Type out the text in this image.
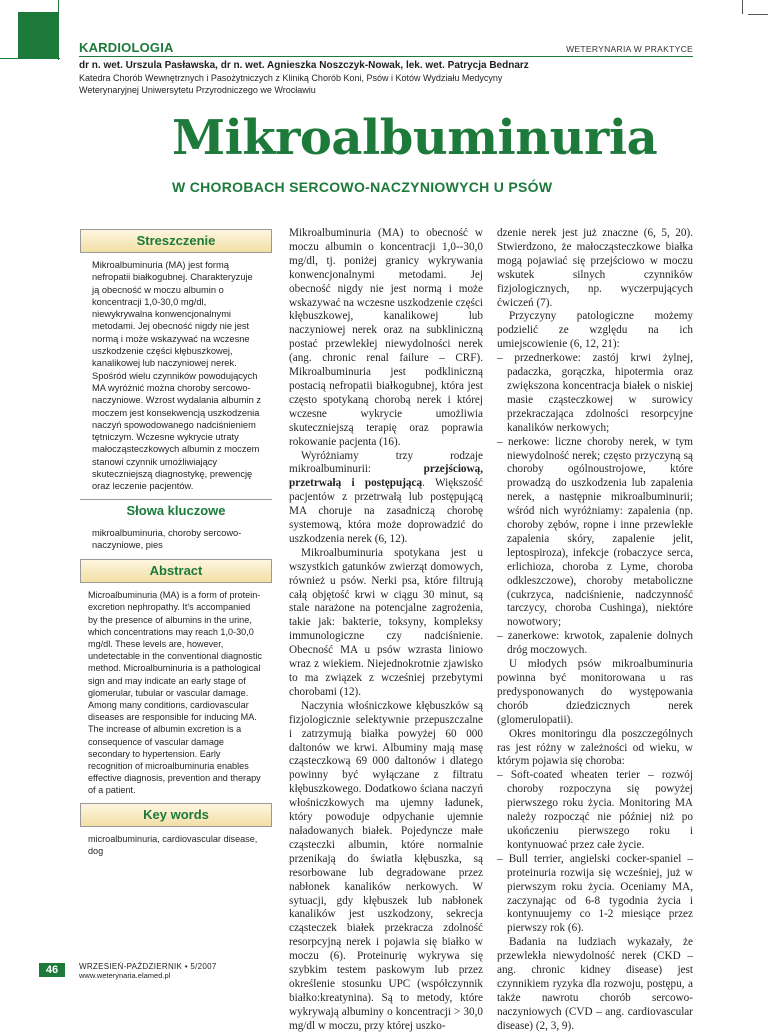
KARDIOLOGIA	WETERYNARIA W PRAKTYCE
dr n. wet. Urszula Pasławska, dr n. wet. Agnieszka Noszczyk-Nowak, lek. wet. Patrycja Bednarz
Katedra Chorób Wewnętrznych i Pasożytniczych z Kliniką Chorób Koni, Psów i Kotów Wydziału Medycyny Weterynaryjnej Uniwersytetu Przyrodniczego we Wrocławiu
Mikroalbuminuria
W CHOROBACH SERCOWO-NACZYNIOWYCH U PSÓW
Streszczenie
Mikroalbuminuria (MA) jest formą nefropatii białkogubnej. Charakteryzuje ją obecność w moczu albumin o koncentracji 1,0-30,0 mg/dl, niewykrywalna konwencjonalnymi metodami. Jej obecność nigdy nie jest normą i może wskazywać na wczesne uszkodzenie części kłębuszkowej, kanalikowej lub naczyniowej nerek. Spośród wielu czynników powodujących MA wyróżnić można choroby sercowo-naczyniowe. Wzrost wydalania albumin z moczem jest konsekwencją uszkodzenia naczyń spowodowanego nadciśnieniem tętniczym. Wczesne wykrycie utraty małocząsteczkowych albumin z moczem stanowi czynnik umożliwiający skuteczniejszą diagnostykę, prewencję oraz leczenie pacjentów.
Słowa kluczowe
mikroalbuminuria, choroby sercowo-naczyniowe, pies
Abstract
Microalbuminuria (MA) is a form of protein-excretion nephropathy. It's accompanied by the presence of albumins in the urine, which concentrations may reach 1,0-30,0 mg/dl. These levels are, however, undetectable in the conventional diagnostic method. Microalbuminuria is a pathological sign and may indicate an early stage of glomerular, tubular or vascular damage. Among many conditions, cardiovascular diseases are responsible for inducing MA. The increase of albumin excretion is a consequence of vascular damage secondary to hypertension. Early recognition of microalbuminuria enables effective diagnosis, prevention and therapy of a patient.
Key words
microalbuminuria, cardiovascular disease, dog

Mikroalbuminuria (MA) to obecność w moczu albumin o koncentracji 1,0--30,0 mg/dl, tj. poniżej granicy wykrywania konwencjonalnymi metodami. Jej obecność nigdy nie jest normą i może wskazywać na wczesne uszkodzenie części kłębuszkowej, kanalikowej lub naczyniowej nerek oraz na subkliniczną postać przewlekłej niewydolności nerek (ang. chronic renal failure – CRF). Mikroalbuminuria jest podkliniczną postacią nefropatii białkogubnej, która jest często spotykaną chorobą nerek i której wczesne wykrycie umożliwia skuteczniejszą terapię oraz poprawia rokowanie pacjenta (16).

Wyróżniamy trzy rodzaje mikroalbuminurii: przejściową, przetrwałą i postępującą. Większość pacjentów z przetrwałą lub postępującą MA choruje na zasadniczą chorobę systemową, która może doprowadzić do uszkodzenia nerek (6, 12).

Mikroalbuminuria spotykana jest u wszystkich gatunków zwierząt domowych, również u psów. Nerki psa, które filtrują całą objętość krwi w ciągu 30 minut, są stale narażone na potencjalne zagrożenia, takie jak: bakterie, toksyny, kompleksy immunologiczne czy nadciśnienie. Obecność MA u psów wzrasta liniowo wraz z wiekiem. Niejednokrotnie zjawisko to ma związek z wcześniej przebytymi chorobami (12).

Naczynia włośniczkowe kłębuszków są fizjologicznie selektywnie przepuszczalne i zatrzymują białka powyżej 60 000 daltonów we krwi. Albuminy mają masę cząsteczkową 69 000 daltonów i dlatego powinny być wyłączane z filtratu kłębuszkowego. Dodatkowo ściana naczyń włośniczkowych ma ujemny ładunek, który powoduje odpychanie ujemnie naładowanych białek. Pojedyncze małe cząsteczki albumin, które normalnie przenikają do światła kłębuszka, są resorbowane lub degradowane przez nabłonek kanalików nerkowych. W sytuacji, gdy kłębuszek lub nabłonek kanalików jest uszkodzony, sekrecja cząsteczek białek przekracza zdolność resorpcyjną nerek i pojawia się białko w moczu (6). Proteinurię wykrywa się szybkim testem paskowym lub przez określenie stosunku UPC (współczynnik białko:kreatynina). Są to metody, które wykrywają albuminy o koncentracji > 30,0 mg/dl w moczu, przy której uszko-

dzenie nerek jest już znaczne (6, 5, 20). Stwierdzono, że małocząsteczkowe białka mogą pojawiać się przejściowo w moczu wskutek silnych czynników fizjologicznych, np. wyczerpujących ćwiczeń (7).

Przyczyny patologiczne możemy podzielić ze względu na ich umiejscowienie (6, 12, 21):

– przednerkowe: zastój krwi żylnej, padaczka, gorączka, hipotermia oraz zwiększona koncentracja białek o niskiej masie cząsteczkowej w surowicy przekraczająca zdolności resorpcyjne kanalików nerkowych;
– nerkowe: liczne choroby nerek, w tym niewydolność nerek; często przyczyną są choroby ogólnoustrojowe, które prowadzą do uszkodzenia lub zapalenia nerek, a następnie mikroalbuminurii; wśród nich wyróżniamy: zapalenia (np. choroby zębów, ropne i inne przewlekłe zapalenia skóry, zapalenie jelit, leptospiroza), infekcje (robaczyce serca, erlichioza, choroba z Lyme, choroba odkleszczowe), choroby metaboliczne (cukrzyca, nadciśnienie, nadczynność tarczycy, choroba Cushinga), niektóre nowotwory;
– zanerkowe: krwotok, zapalenie dolnych dróg moczowych.

U młodych psów mikroalbuminuria powinna być monitorowana u ras predysponowanych do występowania chorób dziedzicznych nerek (glomerulopatii).

Okres monitoringu dla poszczególnych ras jest różny w zależności od wieku, w którym pojawia się choroba:

– Soft-coated wheaten terier – rozwój choroby rozpoczyna się powyżej pierwszego roku życia. Monitoring MA należy rozpocząć nie później niż po ukończeniu pierwszego roku i kontynuować przez całe życie.
– Bull terrier, angielski cocker-spaniel – proteinuria rozwija się wcześniej, już w pierwszym roku życia. Oceniamy MA, zaczynając od 6-8 tygodnia życia i kontynuujemy co 1-2 miesiące przez pierwszy rok (6).

Badania na ludziach wykazały, że przewlekła niewydolność nerek (CKD – ang. chronic kidney disease) jest czynnikiem ryzyka dla rozwoju, postępu, a także nawrotu chorób sercowo-naczyniowych (CVD – ang. cardiovascular disease) (2, 3, 9).

46	WRZESIEŃ-PAŹDZIERNIK • 5/2007
www.weterynaria.elamed.pl
